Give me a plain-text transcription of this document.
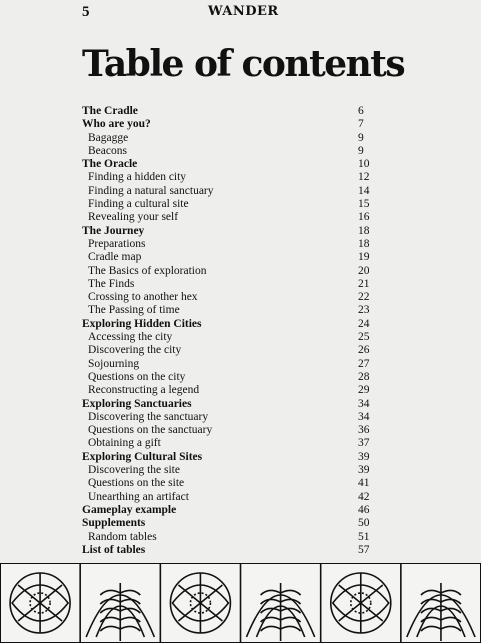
5	WANDER
Table of contents
The Cradle	6
Who are you?	7
Bagagge	9
Beacons	9
The Oracle	10
Finding a hidden city	12
Finding a natural sanctuary	14
Finding a cultural site	15
Revealing your self	16
The Journey	18
Preparations	18
Cradle map	19
The Basics of exploration	20
The Finds	21
Crossing to another hex	22
The Passing of time	23
Exploring Hidden Cities	24
Accessing the city	25
Discovering the city	26
Sojourning	27
Questions on the city	28
Reconstructing a legend	29
Exploring Sanctuaries	34
Discovering the sanctuary	34
Questions on the sanctuary	36
Obtaining a gift	37
Exploring Cultural Sites	39
Discovering the site	39
Questions on the site	41
Unearthing an artifact	42
Gameplay example	46
Supplements	50
Random tables	51
List of tables	57
